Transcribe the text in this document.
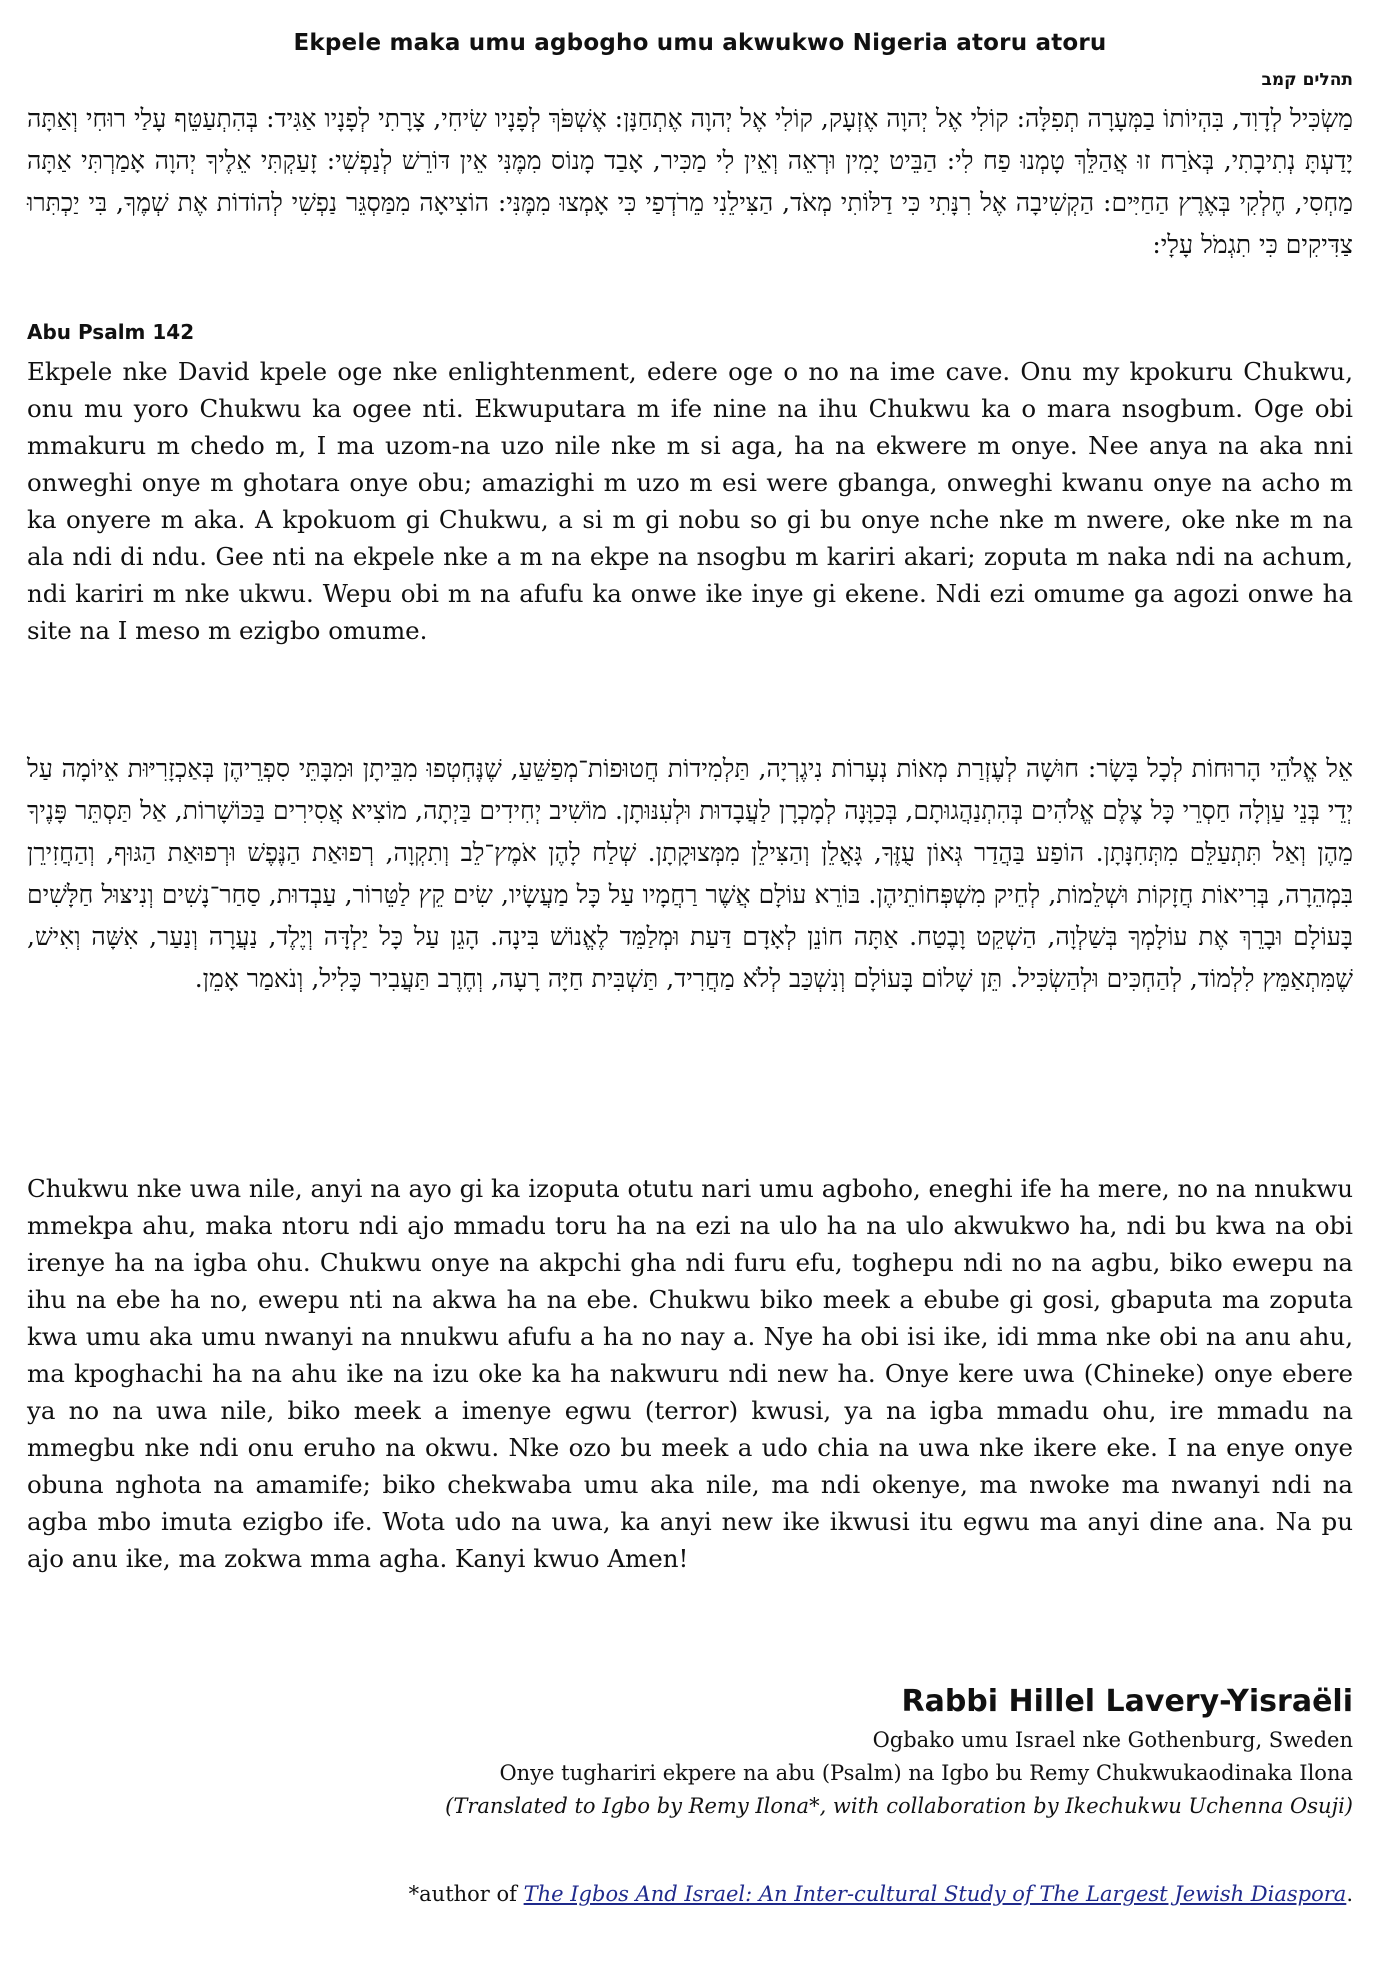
Ekpele maka umu agbogho umu akwukwo Nigeria atoru atoru
תהלים קמב

מַשְׂכִּיל לְדָוִד, בִּהְיוֹתוֹ בַמְּעָרָה תְפִלָּה: קוֹלִי אֶל יְהוָה אֶזְעָק, קוֹלִי אֶל יְהוָה אֶתְחַנָּן: אֶשְׁפֹּךְ לְפָנָיו שִׂיחִי, צָרָתִי לְפָנָיו אַגִּיד: בְּהִתְעַטֵּף עָלַי רוּחִי וְאַתָּה יָדַעְתָּ נְתִיבָתִי, בְּאֹרַח זוּ אֲהַלֵּךְ טָמְנוּ פַח לִי: הַבֵּיט יָמִין וּרְאֵה וְאֵין לִי מַכִּיר, אָבַד מָנוֹס מִמֶּנִּי אֵין דּוֹרֵשׁ לְנַפְשִׁי: זָעַקְתִּי אֵלֶיךָ יְהוָה אָמַרְתִּי אַתָּה מַחְסִי, חֶלְקִי בְּאֶרֶץ הַחַיִּים: הַקְשִׁיבָה אֶל רִנָּתִי כִּי דַלּוֹתִי מְאֹד, הַצִּילֵנִי מֵרֹדְפַי כִּי אָמְצוּ מִמֶּנִּי: הוֹצִיאָה מִמַּסְגֵּר נַפְשִׁי לְהוֹדוֹת אֶת שְׁמֶךָ, בִּי יַכְתִּרוּ צַדִּיקִים כִּי תִגְמֹל עָלָי:

Abu Psalm 142

Ekpele nke David kpele oge nke enlightenment, edere oge o no na ime cave. Onu my kpokuru Chukwu, onu mu yoro Chukwu ka ogee nti. Ekwuputara m ife nine na ihu Chukwu ka o mara nsogbum. Oge obi mmakuru m chedo m, I ma uzom-na uzo nile nke m si aga, ha na ekwere m onye. Nee anya na aka nni onweghi onye m ghotara onye obu; amazighi m uzo m esi were gbanga, onweghi kwanu onye na acho m ka onyere m aka. A kpokuom gi Chukwu, a si m gi nobu so gi bu onye nche nke m nwere, oke nke m na ala ndi di ndu. Gee nti na ekpele nke a m na ekpe na nsogbu m kariri akari; zoputa m naka ndi na achum, ndi kariri m nke ukwu. Wepu obi m na afufu ka onwe ike inye gi ekene. Ndi ezi omume ga agozi onwe ha site na I meso m ezigbo omume.

אֵל אֱלֹהֵי הָרוּחוֹת לְכָל בָּשָׂר: חוּשָׁה לְעֶזְרַת מְאוֹת נְעָרוֹת נִיגֶרְיָה, תַּלְמִידוֹת חֲטוּפוֹת־מְפַשֵּׁעַ, שֶׁנֶּחְטְפוּ מִבֵּיתָן וּמִבָּתֵּי סִפְרֵיהֶן בְּאַכְזָרִיּוּת אֵיוֹמָה עַל יְדֵי בְּנֵי עַוְלָה חַסְרֵי כָּל צֶלֶם אֱלֹהִים בְּהִתְנַהֲגוּתָם, בְּכַוָּנָה לְמָכְרָן לַעֲבָדוּת וּלְעִנּוּתָן. מוֹשִׁיב יְחִידִים בַּיְתָה, מוֹצִיא אֲסִירִים בַּכּוֹשָׁרוֹת, אַל תַּסְתֵּר פָּנֶיךָ מֵהֶן וְאַל תִּתְעַלֵּם מִתְּחִנָּתָן. הוֹפַע בַּהֲדַר גְּאוֹן עֻזֶּךָ, גָּאֳלֵן וְהַצִּילֵן מִמְּצוּקָתָן. שְׁלַח לָהֶן אֹמֶץ־לֵב וְתִקְוָה, רְפוּאַת הַנֶּפֶשׁ וּרְפוּאַת הַגּוּף, וְהַחֲזִירֵן בִּמְהֵרָה, בְּרִיאוֹת חֲזָקוֹת וּשְׁלֵמוֹת, לְחֵיק מִשְׁפְּחוֹתֵיהֶן. בּוֹרֵא עוֹלָם אֲשֶׁר רַחֲמָיו עַל כָּל מַעֲשָׂיו, שִׂים קֵץ לַטֵּרוֹר, עַבְדוּת, סַחַר־נָשִׁים וְנִיצּוּל חַלָּשִׁים בָּעוֹלָם וּבָרֵךְ אֶת עוֹלָמְךָ בְּשַׁלְוָה, הַשְׁקֵט וָבֶטַח. אַתָּה חוֹנֵן לְאָדָם דַּעַת וּמְלַמֵּד לֶאֱנוֹשׁ בִּינָה. הָגֵן עַל כָּל יַלְדָּה וְיֶלֶד, נַעֲרָה וְנַעַר, אִשָּׁה וְאִישׁ, שֶׁמִּתְאַמֵּץ לִלְמוֹד, לְהַחְכִּים וּלְהַשְׂכִּיל. תֵּן שָׁלוֹם בָּעוֹלָם וְנִשְׁכַּב לְלֹא מַחֲרִיד, תַּשְׁבִּית חַיָּה רָעָה, וְחֶרֶב תַּעֲבִיר כָּלִיל, וְנֹאמַר אָמֵן.

Chukwu nke uwa nile, anyi na ayo gi ka izoputa otutu nari umu agboho, eneghi ife ha mere, no na nnukwu mmekpa ahu, maka ntoru ndi ajo mmadu toru ha na ezi na ulo ha na ulo akwukwo ha, ndi bu kwa na obi irenye ha na igba ohu. Chukwu onye na akpchi gha ndi furu efu, toghepu ndi no na agbu, biko ewepu na ihu na ebe ha no, ewepu nti na akwa ha na ebe. Chukwu biko meek a ebube gi gosi, gbaputa ma zoputa kwa umu aka umu nwanyi na nnukwu afufu a ha no nay a. Nye ha obi isi ike, idi mma nke obi na anu ahu, ma kpoghachi ha na ahu ike na izu oke ka ha nakwuru ndi new ha. Onye kere uwa (Chineke) onye ebere ya no na uwa nile, biko meek a imenye egwu (terror) kwusi, ya na igba mmadu ohu, ire mmadu na mmegbu nke ndi onu eruho na okwu. Nke ozo bu meek a udo chia na uwa nke ikere eke. I na enye onye obuna nghota na amamife; biko chekwaba umu aka nile, ma ndi okenye, ma nwoke ma nwanyi ndi na agba mbo imuta ezigbo ife. Wota udo na uwa, ka anyi new ike ikwusi itu egwu ma anyi dine ana. Na pu ajo anu ike, ma zokwa mma agha. Kanyi kwuo Amen!

Rabbi Hillel Lavery-Yisraëli
Ogbako umu Israel nke Gothenburg, Sweden
Onye tughariri ekpere na abu (Psalm) na Igbo bu Remy Chukwukaodinaka Ilona
(Translated to Igbo by Remy Ilona*, with collaboration by Ikechukwu Uchenna Osuji)
*author of The Igbos And Israel: An Inter-cultural Study of The Largest Jewish Diaspora.
